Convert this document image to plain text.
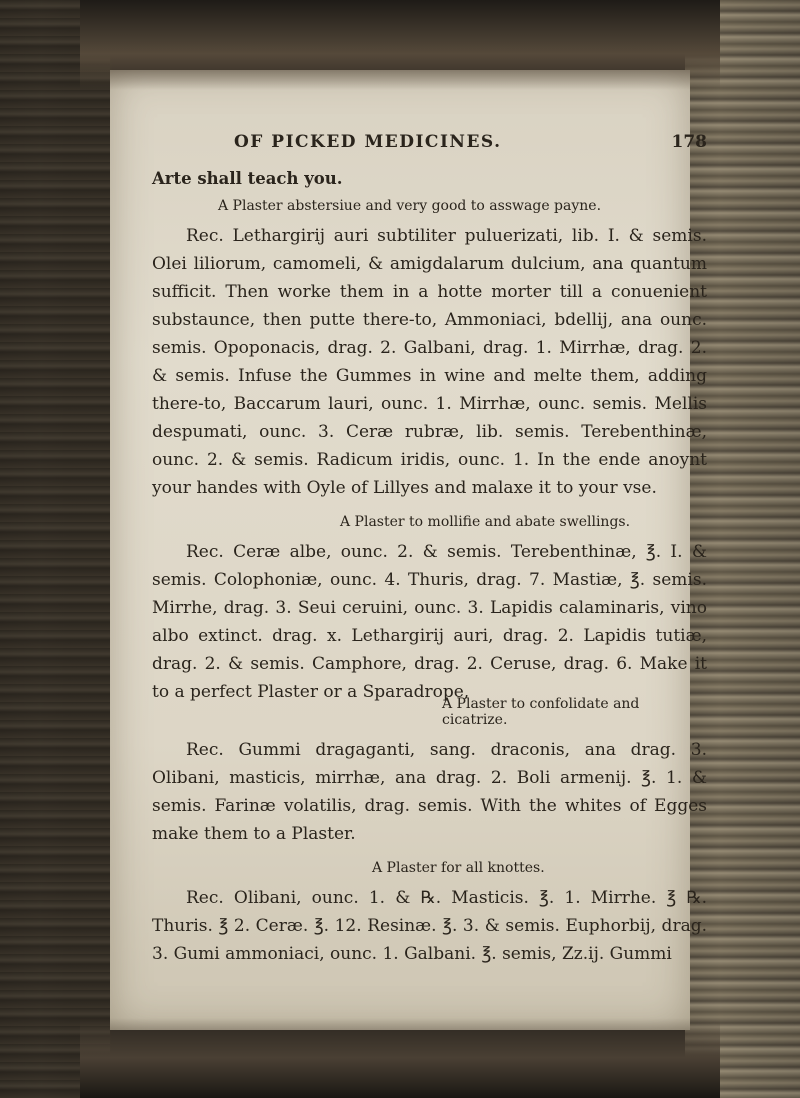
OF PICKED MEDICINES.	178

Arte shall teach you.

A Plaster abstersiue and very good to asswage payne.

Rec. Lethargirij auri subtiliter puluerizati, lib. I. & semis. Olei liliorum, camomeli, & amigdalarum dulcium, ana quantum sufficit. Then worke them in a hotte morter till a conuenient substaunce, then putte there-to, Ammoniaci, bdellij, ana ounc. semis. Opoponacis, drag. 2. Galbani, drag. 1. Mirrhæ, drag. 2. & semis. Infuse the Gummes in wine and melte them, adding there-to, Baccarum lauri, ounc. 1. Mirrhæ, ounc. semis. Mellis despumati, ounc. 3. Ceræ rubræ, lib. semis. Terebenthinæ, ounc. 2. & semis. Radicum iridis, ounc. 1. In the ende anoynt your handes with Oyle of Lillyes and malaxe it to your vse.

A Plaster to mollifie and abate swellings.

Rec. Ceræ albe, ounc. 2. & semis. Terebenthinæ, ℥. I. & semis. Colophoniæ, ounc. 4. Thuris, drag. 7. Mastiæ, ℥. semis. Mirrhe, drag. 3. Seui ceruini, ounc. 3. Lapidis calaminaris, vino albo extinct. drag. x. Lethargirij auri, drag. 2. Lapidis tutiæ, drag. 2. & semis. Camphore, drag. 2. Ceruse, drag. 6. Make it to a perfect Plaster or a Sparadrope,

A Plaster to confolidate and cicatrize.

Rec. Gummi dragaganti, sang. draconis, ana drag. 3. Olibani, masticis, mirrhæ, ana drag. 2. Boli armenij. ℥. 1. & semis. Farinæ volatilis, drag. semis. With the whites of Egges make them to a Plaster.

A Plaster for all knottes.

Rec. Olibani, ounc. 1. & ℞. Masticis. ℥. 1. Mirrhe. ℥ ℞. Thuris. ℥ 2. Ceræ. ℥. 12. Resinæ. ℥. 3. & semis. Euphorbij, drag. 3. Gumi ammoniaci, ounc. 1. Galbani. ℥. semis, Zz.ij. Gummi
